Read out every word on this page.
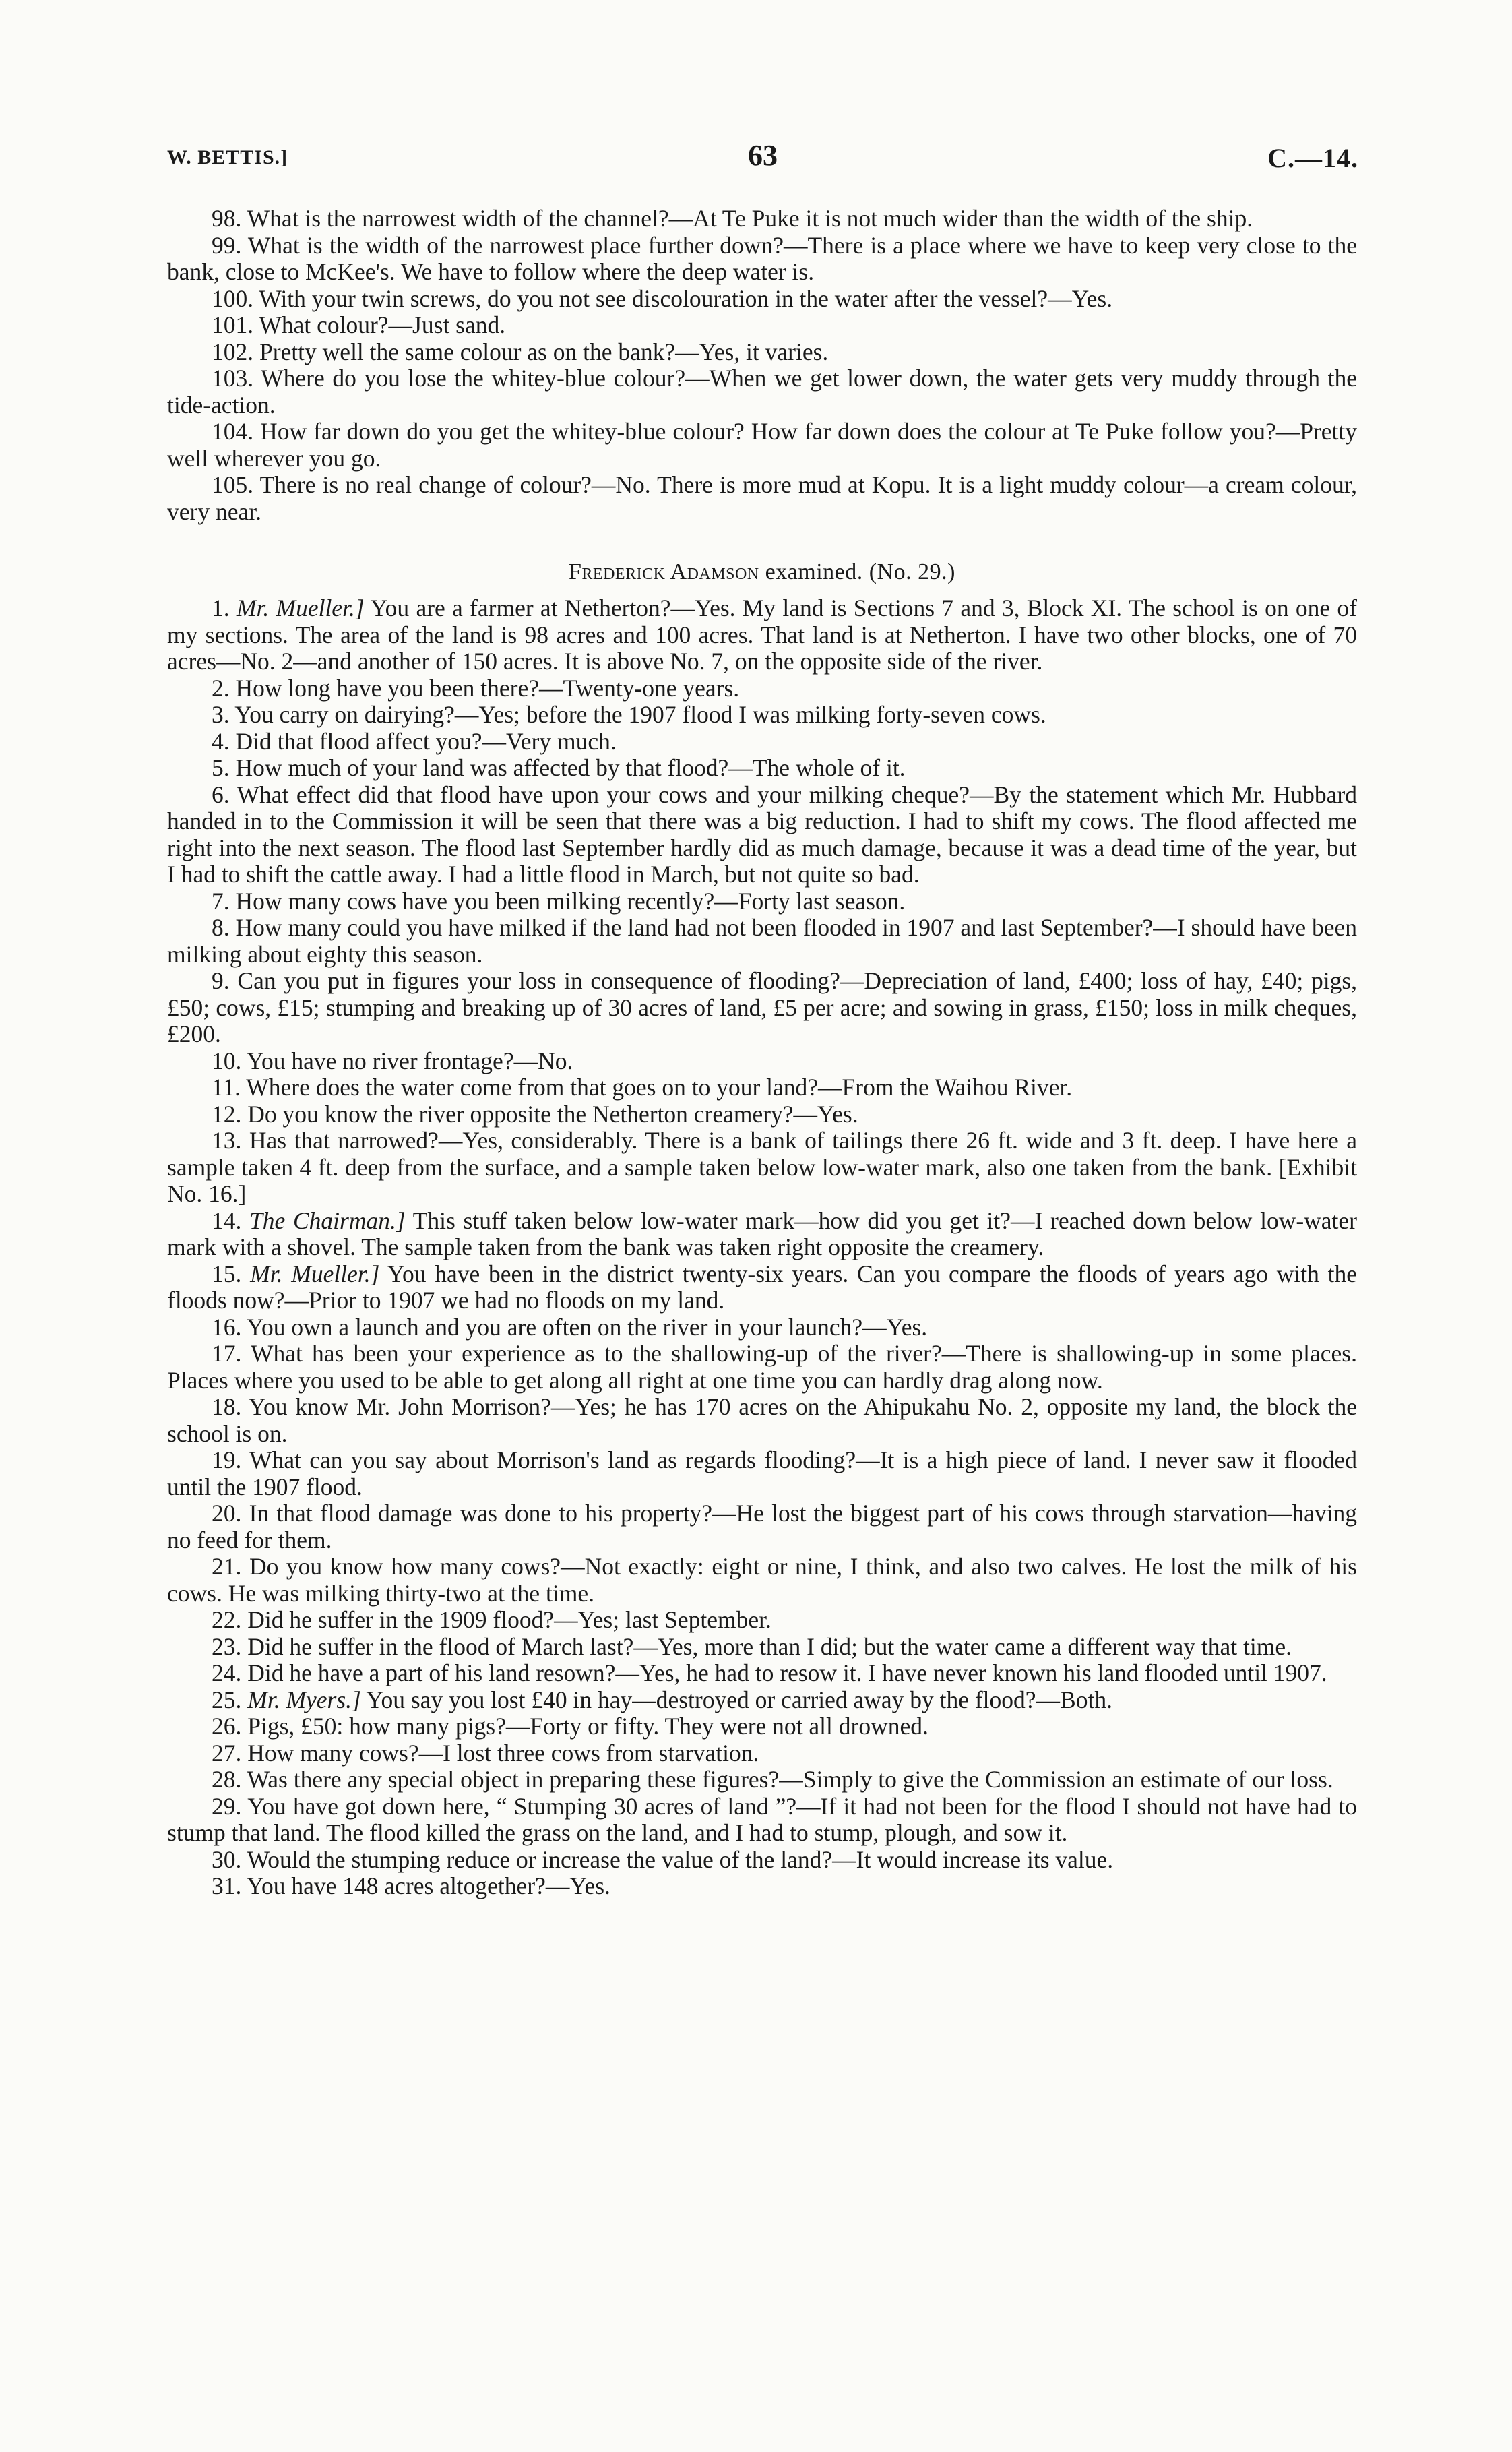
W. BETTIS.]	63	C.—14.

98. What is the narrowest width of the channel?—At Te Puke it is not much wider than the width of the ship.

99. What is the width of the narrowest place further down?—There is a place where we have to keep very close to the bank, close to McKee's. We have to follow where the deep water is.

100. With your twin screws, do you not see discolouration in the water after the vessel?—Yes.

101. What colour?—Just sand.

102. Pretty well the same colour as on the bank?—Yes, it varies.

103. Where do you lose the whitey-blue colour?—When we get lower down, the water gets very muddy through the tide-action.

104. How far down do you get the whitey-blue colour? How far down does the colour at Te Puke follow you?—Pretty well wherever you go.

105. There is no real change of colour?—No. There is more mud at Kopu. It is a light muddy colour—a cream colour, very near.

Frederick Adamson examined. (No. 29.)

1. Mr. Mueller.] You are a farmer at Netherton?—Yes. My land is Sections 7 and 3, Block XI. The school is on one of my sections. The area of the land is 98 acres and 100 acres. That land is at Netherton. I have two other blocks, one of 70 acres—No. 2—and another of 150 acres. It is above No. 7, on the opposite side of the river.

2. How long have you been there?—Twenty-one years.

3. You carry on dairying?—Yes; before the 1907 flood I was milking forty-seven cows.

4. Did that flood affect you?—Very much.

5. How much of your land was affected by that flood?—The whole of it.

6. What effect did that flood have upon your cows and your milking cheque?—By the statement which Mr. Hubbard handed in to the Commission it will be seen that there was a big reduction. I had to shift my cows. The flood affected me right into the next season. The flood last September hardly did as much damage, because it was a dead time of the year, but I had to shift the cattle away. I had a little flood in March, but not quite so bad.

7. How many cows have you been milking recently?—Forty last season.

8. How many could you have milked if the land had not been flooded in 1907 and last September?—I should have been milking about eighty this season.

9. Can you put in figures your loss in consequence of flooding?—Depreciation of land, £400; loss of hay, £40; pigs, £50; cows, £15; stumping and breaking up of 30 acres of land, £5 per acre; and sowing in grass, £150; loss in milk cheques, £200.

10. You have no river frontage?—No.

11. Where does the water come from that goes on to your land?—From the Waihou River.

12. Do you know the river opposite the Netherton creamery?—Yes.

13. Has that narrowed?—Yes, considerably. There is a bank of tailings there 26 ft. wide and 3 ft. deep. I have here a sample taken 4 ft. deep from the surface, and a sample taken below low-water mark, also one taken from the bank. [Exhibit No. 16.]

14. The Chairman.] This stuff taken below low-water mark—how did you get it?—I reached down below low-water mark with a shovel. The sample taken from the bank was taken right opposite the creamery.

15. Mr. Mueller.] You have been in the district twenty-six years. Can you compare the floods of years ago with the floods now?—Prior to 1907 we had no floods on my land.

16. You own a launch and you are often on the river in your launch?—Yes.

17. What has been your experience as to the shallowing-up of the river?—There is shallowing-up in some places. Places where you used to be able to get along all right at one time you can hardly drag along now.

18. You know Mr. John Morrison?—Yes; he has 170 acres on the Ahipukahu No. 2, opposite my land, the block the school is on.

19. What can you say about Morrison's land as regards flooding?—It is a high piece of land. I never saw it flooded until the 1907 flood.

20. In that flood damage was done to his property?—He lost the biggest part of his cows through starvation—having no feed for them.

21. Do you know how many cows?—Not exactly: eight or nine, I think, and also two calves. He lost the milk of his cows. He was milking thirty-two at the time.

22. Did he suffer in the 1909 flood?—Yes; last September.

23. Did he suffer in the flood of March last?—Yes, more than I did; but the water came a different way that time.

24. Did he have a part of his land resown?—Yes, he had to resow it. I have never known his land flooded until 1907.

25. Mr. Myers.] You say you lost £40 in hay—destroyed or carried away by the flood?—Both.

26. Pigs, £50: how many pigs?—Forty or fifty. They were not all drowned.

27. How many cows?—I lost three cows from starvation.

28. Was there any special object in preparing these figures?—Simply to give the Commission an estimate of our loss.

29. You have got down here, “ Stumping 30 acres of land ”?—If it had not been for the flood I should not have had to stump that land. The flood killed the grass on the land, and I had to stump, plough, and sow it.

30. Would the stumping reduce or increase the value of the land?—It would increase its value.

31. You have 148 acres altogether?—Yes.
